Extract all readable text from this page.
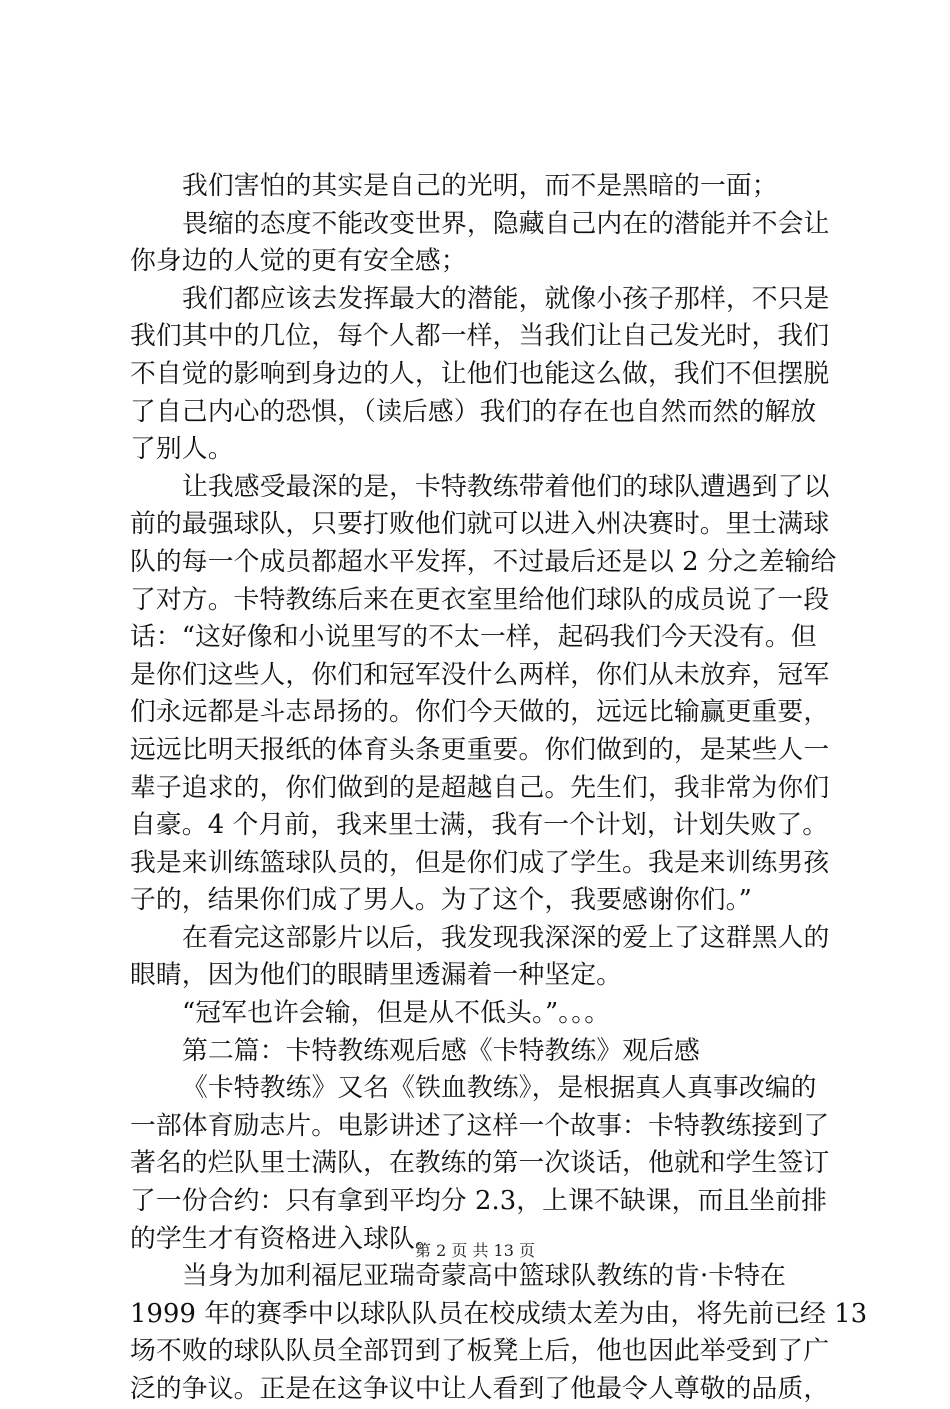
我们害怕的其实是自己的光明，而不是黑暗的一面；
畏缩的态度不能改变世界，隐藏自己内在的潜能并不会让
你身边的人觉的更有安全感；
我们都应该去发挥最大的潜能，就像小孩子那样，不只是
我们其中的几位，每个人都一样，当我们让自己发光时，我们
不自觉的影响到身边的人，让他们也能这么做，我们不但摆脱
了自己内心的恐惧，（读后感）我们的存在也自然而然的解放
了别人。
让我感受最深的是，卡特教练带着他们的球队遭遇到了以
前的最强球队，只要打败他们就可以进入州决赛时。里士满球
队的每一个成员都超水平发挥，不过最后还是以 2 分之差输给
了对方。卡特教练后来在更衣室里给他们球队的成员说了一段
话：“这好像和小说里写的不太一样，起码我们今天没有。但
是你们这些人，你们和冠军没什么两样，你们从未放弃，冠军
们永远都是斗志昂扬的。你们今天做的，远远比输赢更重要，
远远比明天报纸的体育头条更重要。你们做到的，是某些人一
辈子追求的，你们做到的是超越自己。先生们，我非常为你们
自豪。4 个月前，我来里士满，我有一个计划，计划失败了。
我是来训练篮球队员的，但是你们成了学生。我是来训练男孩
子的，结果你们成了男人。为了这个，我要感谢你们。”
在看完这部影片以后，我发现我深深的爱上了这群黑人的
眼睛，因为他们的眼睛里透漏着一种坚定。
“冠军也许会输，但是从不低头。”。。。
第二篇：卡特教练观后感《卡特教练》观后感
《卡特教练》又名《铁血教练》，是根据真人真事改编的
一部体育励志片。电影讲述了这样一个故事：卡特教练接到了
著名的烂队里士满队，在教练的第一次谈话，他就和学生签订
了一份合约：只有拿到平均分 2.3，上课不缺课，而且坐前排
的学生才有资格进入球队。
当身为加利福尼亚瑞奇蒙高中篮球队教练的肯·卡特在
1999 年的赛季中以球队队员在校成绩太差为由，将先前已经 13
场不败的球队队员全部罚到了板凳上后，他也因此举受到了广
泛的争议。正是在这争议中让人看到了他最令人尊敬的品质，
第 2 页 共 13 页
